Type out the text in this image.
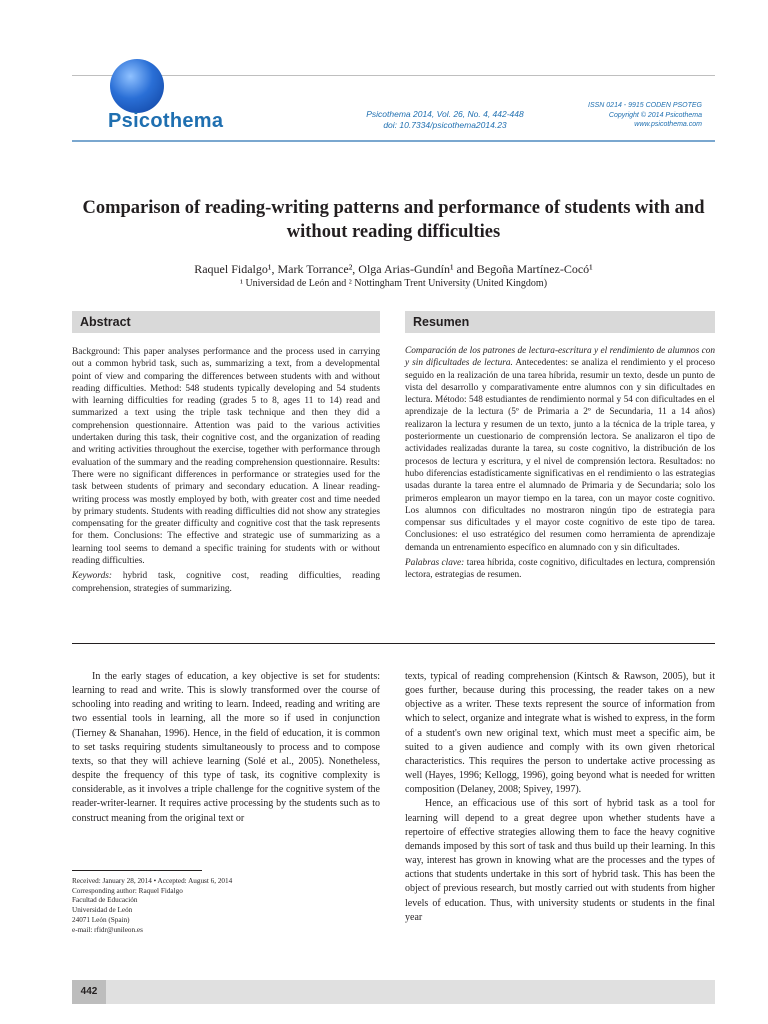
Psicothema	Psicothema 2014, Vol. 26, No. 4, 442-448
doi: 10.7334/psicothema2014.23
ISSN 0214 - 9915 CODEN PSOTEG
Copyright © 2014 Psicothema
www.psicothema.com
Comparison of reading-writing patterns and performance of students with and without reading difficulties
Raquel Fidalgo¹, Mark Torrance², Olga Arias-Gundín¹ and Begoña Martínez-Cocó¹
¹ Universidad de León and ² Nottingham Trent University (United Kingdom)
Abstract	Resumen
Background: This paper analyses performance and the process used in carrying out a common hybrid task, such as, summarizing a text, from a developmental point of view and comparing the differences between students with and without reading difficulties. Method: 548 students typically developing and 54 students with learning difficulties for reading (grades 5 to 8, ages 11 to 14) read and summarized a text using the triple task technique and then they did a comprehension questionnaire. Attention was paid to the various activities undertaken during this task, their cognitive cost, and the organization of reading and writing activities throughout the exercise, together with performance through evaluation of the summary and the reading comprehension questionnaire. Results: There were no significant differences in performance or strategies used for the task between students of primary and secondary education. A linear reading-writing process was mostly employed by both, with greater cost and time needed by primary students. Students with reading difficulties did not show any strategies compensating for the greater difficulty and cognitive cost that the task represents for them. Conclusions: The effective and strategic use of summarizing as a learning tool seems to demand a specific training for students with or without reading difficulties.
Keywords: hybrid task, cognitive cost, reading difficulties, reading comprehension, strategies of summarizing.
Comparación de los patrones de lectura-escritura y el rendimiento de alumnos con y sin dificultades de lectura. Antecedentes: se analiza el rendimiento y el proceso seguido en la realización de una tarea híbrida, resumir un texto, desde un punto de vista del desarrollo y comparativamente entre alumnos con y sin dificultades en lectura. Método: 548 estudiantes de rendimiento normal y 54 con dificultades en el aprendizaje de la lectura (5º de Primaria a 2º de Secundaria, 11 a 14 años) realizaron la lectura y resumen de un texto, junto a la técnica de la triple tarea, y posteriormente un cuestionario de comprensión lectora. Se analizaron el tipo de actividades realizadas durante la tarea, su coste cognitivo, la distribución de los procesos de lectura y escritura, y el nivel de comprensión lectora. Resultados: no hubo diferencias estadísticamente significativas en el rendimiento o las estrategias usadas durante la tarea entre el alumnado de Primaria y de Secundaria; solo los primeros emplearon un mayor tiempo en la tarea, con un mayor coste cognitivo. Los alumnos con dificultades no mostraron ningún tipo de estrategia para compensar sus dificultades y el mayor coste cognitivo de este tipo de tarea. Conclusiones: el uso estratégico del resumen como herramienta de aprendizaje demanda un entrenamiento específico en alumnado con y sin dificultades.
Palabras clave: tarea híbrida, coste cognitivo, dificultades en lectura, comprensión lectora, estrategias de resumen.

In the early stages of education, a key objective is set for students: learning to read and write. This is slowly transformed over the course of schooling into reading and writing to learn. Indeed, reading and writing are two essential tools in learning, all the more so if used in conjunction (Tierney & Shanahan, 1996). Hence, in the field of education, it is common to set tasks requiring students simultaneously to process and to compose texts, so that they will achieve learning (Solé et al., 2005). Nonetheless, despite the frequency of this type of task, its cognitive complexity is considerable, as it involves a triple challenge for the cognitive system of the reader-writer-learner. It requires active processing by the students such as to construct meaning from the original text or

texts, typical of reading comprehension (Kintsch & Rawson, 2005), but it goes further, because during this processing, the reader takes on a new objective as a writer. These texts represent the source of information from which to select, organize and integrate what is wished to express, in the form of a student's own new original text, which must meet a specific aim, be suited to a given audience and comply with its own given rhetorical characteristics. This requires the person to undertake active processing as well (Hayes, 1996; Kellogg, 1996), going beyond what is needed for written composition (Delaney, 2008; Spivey, 1997).

Hence, an efficacious use of this sort of hybrid task as a tool for learning will depend to a great degree upon whether students have a repertoire of effective strategies allowing them to face the heavy cognitive demands imposed by this sort of task and thus build up their learning. In this way, interest has grown in knowing what are the processes and the types of actions that students undertake in this sort of hybrid task. This has been the object of previous research, but mostly carried out with students from higher levels of education. Thus, with university students or students in the final year

Received: January 28, 2014 • Accepted: August 6, 2014
Corresponding author: Raquel Fidalgo
Facultad de Educación
Universidad de León
24071 León (Spain)
e-mail: rfidr@unileon.es
442
